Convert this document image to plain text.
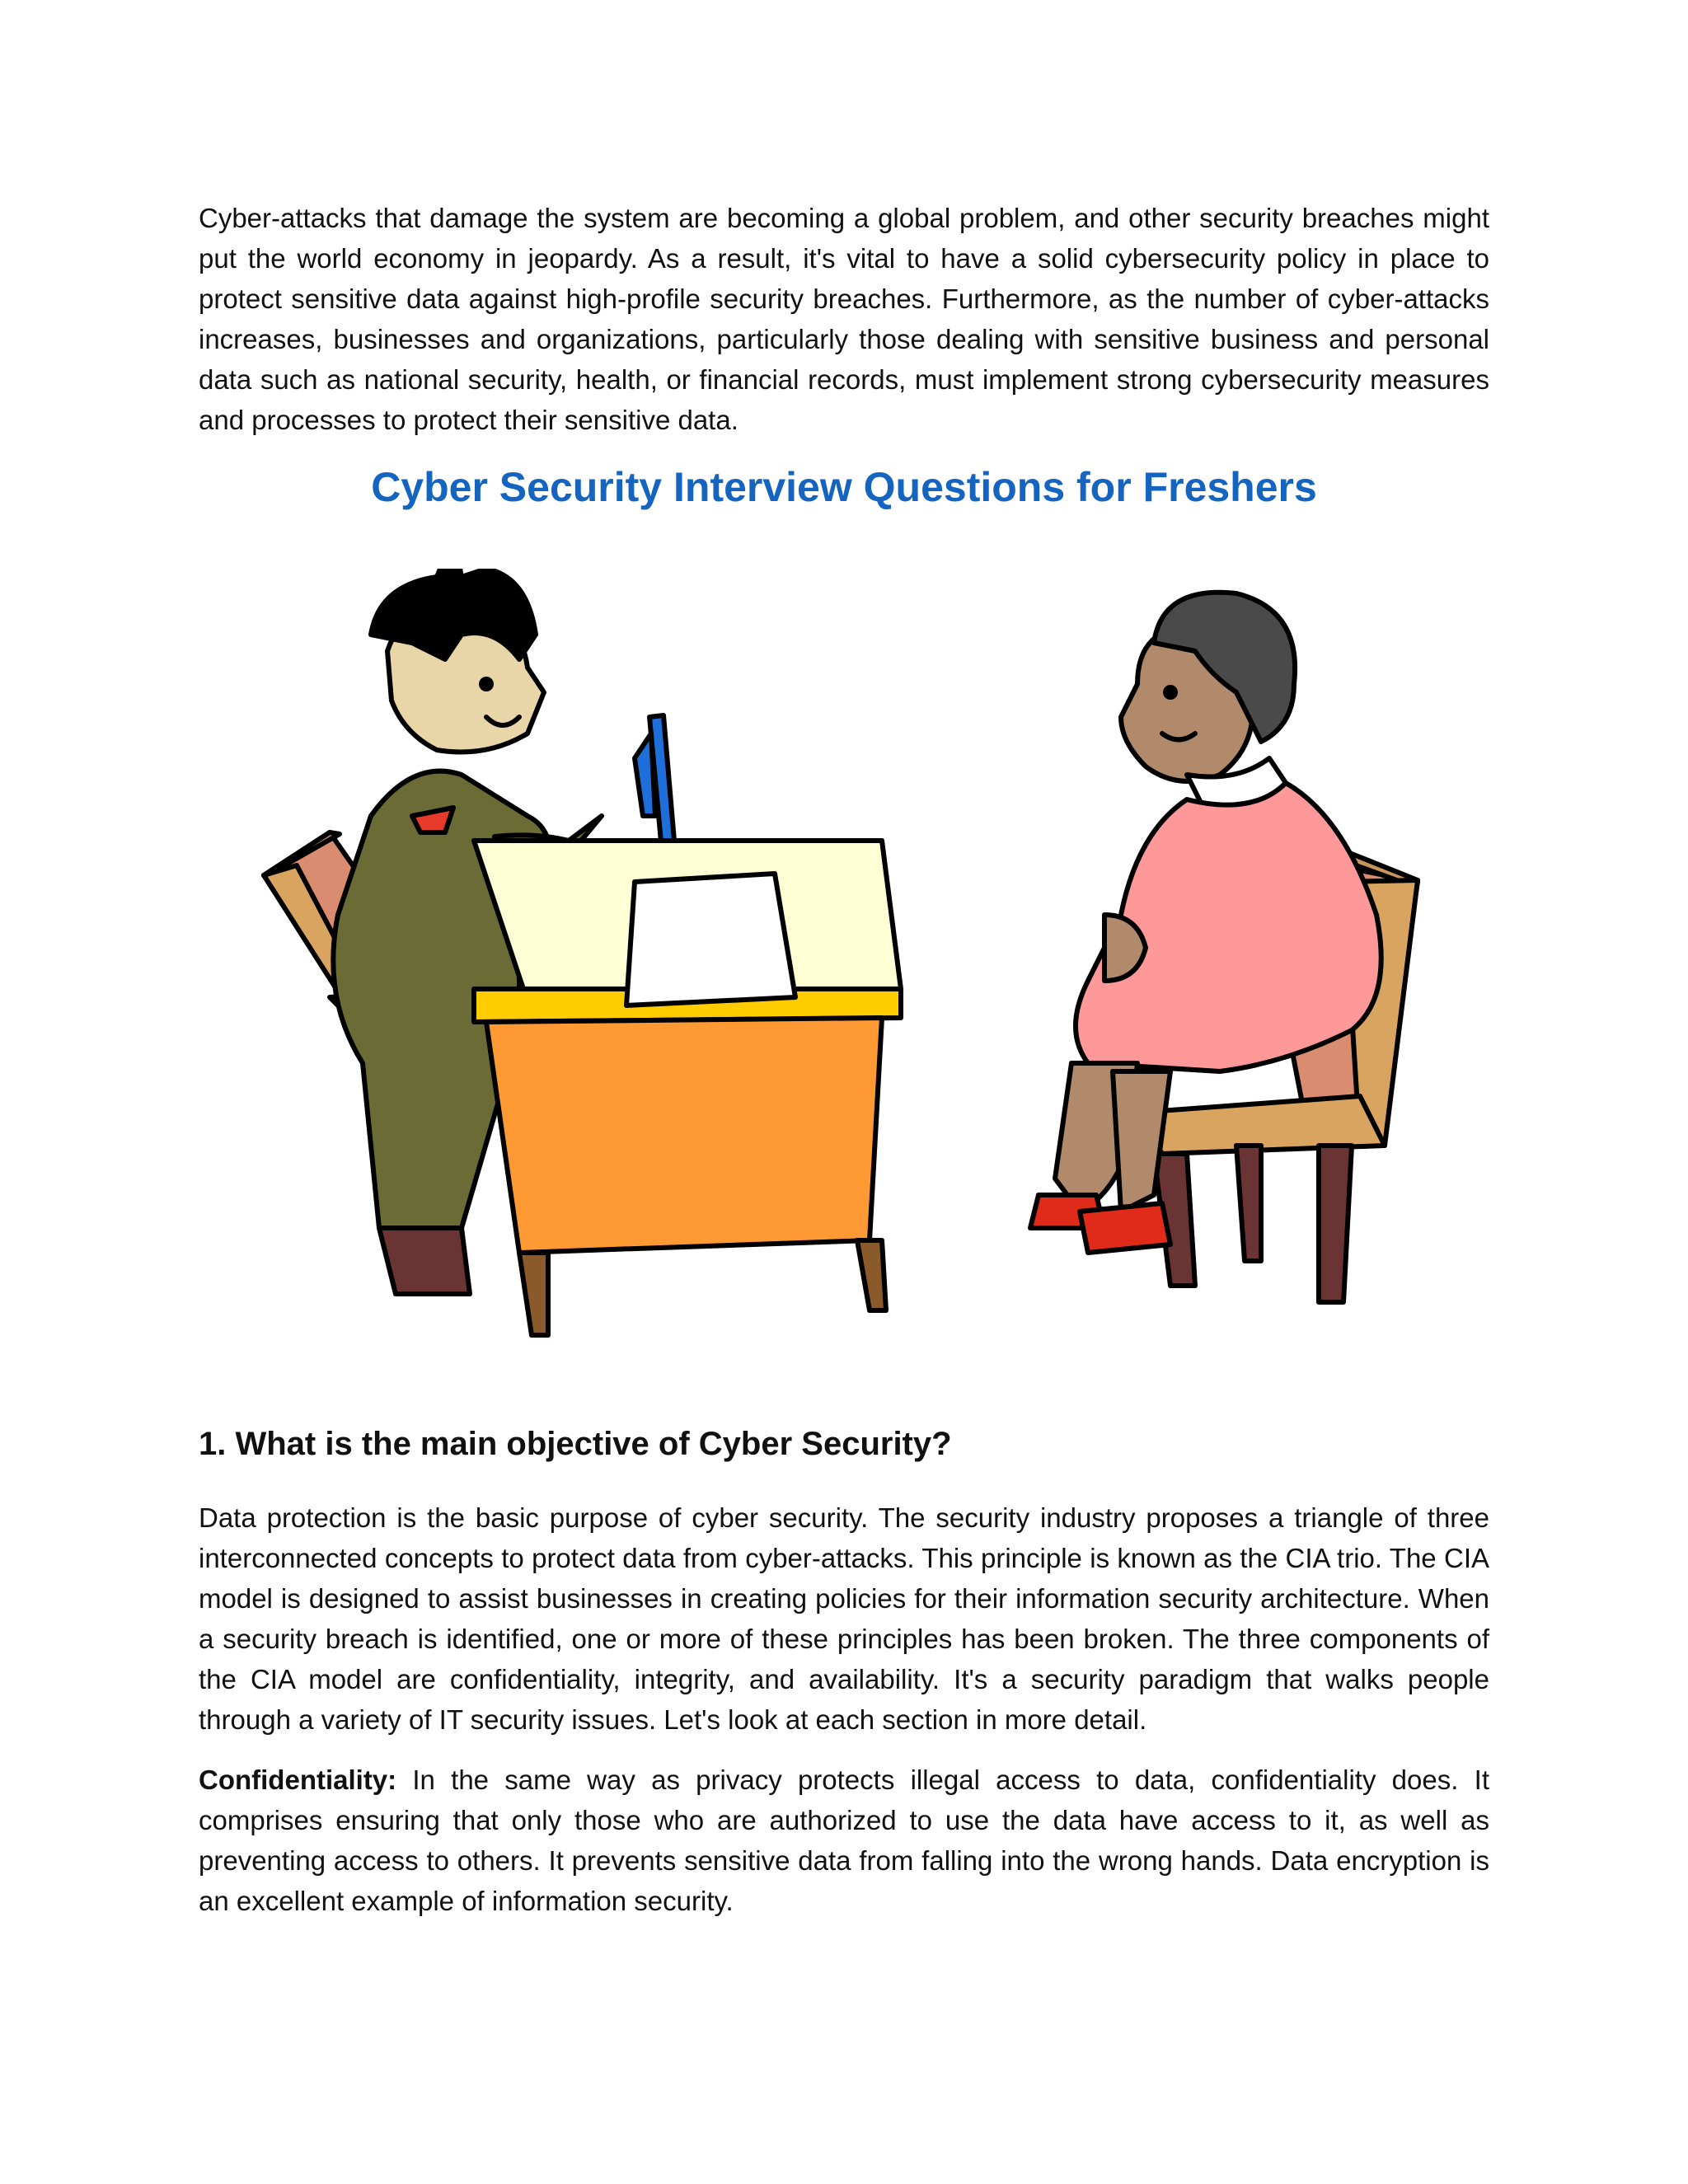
Cyber-attacks that damage the system are becoming a global problem, and other security breaches might put the world economy in jeopardy. As a result, it's vital to have a solid cybersecurity policy in place to protect sensitive data against high-profile security breaches. Furthermore, as the number of cyber-attacks increases, businesses and organizations, particularly those dealing with sensitive business and personal data such as national security, health, or financial records, must implement strong cybersecurity measures and processes to protect their sensitive data.

Cyber Security Interview Questions for Freshers
1. What is the main objective of Cyber Security?

Data protection is the basic purpose of cyber security. The security industry proposes a triangle of three interconnected concepts to protect data from cyber-attacks. This principle is known as the CIA trio. The CIA model is designed to assist businesses in creating policies for their information security architecture. When a security breach is identified, one or more of these principles has been broken. The three components of the CIA model are confidentiality, integrity, and availability. It's a security paradigm that walks people through a variety of IT security issues. Let's look at each section in more detail.

Confidentiality: In the same way as privacy protects illegal access to data, confidentiality does. It comprises ensuring that only those who are authorized to use the data have access to it, as well as preventing access to others. It prevents sensitive data from falling into the wrong hands. Data encryption is an excellent example of information security.
